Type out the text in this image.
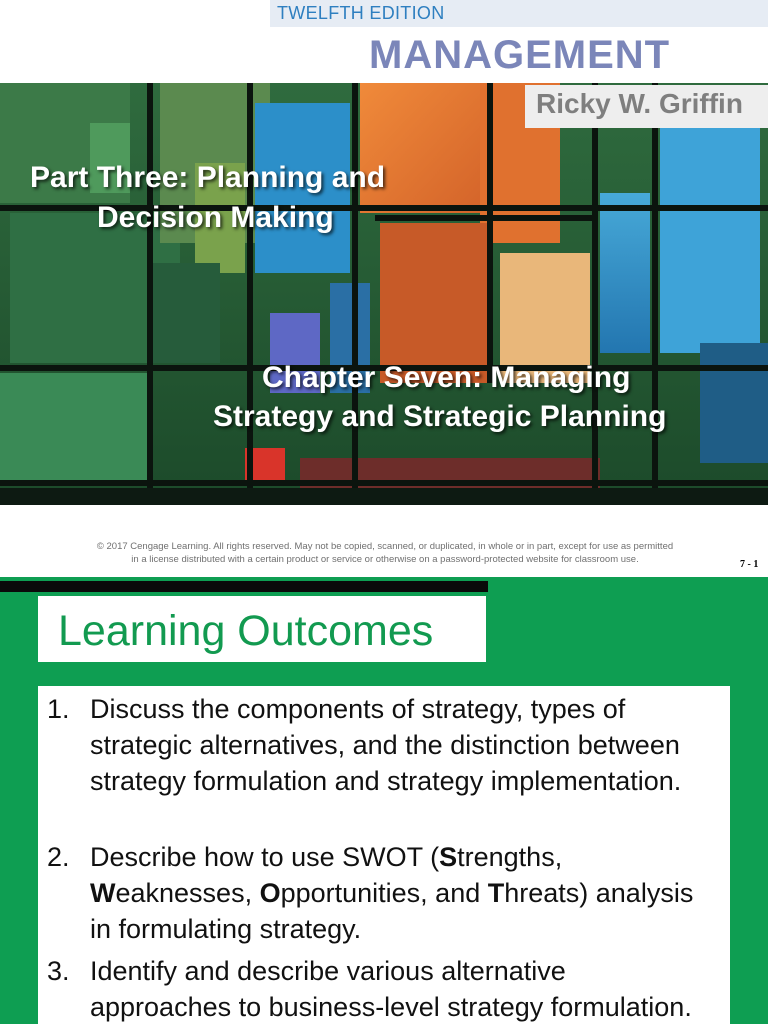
TWELFTH EDITION
MANAGEMENT
Ricky W. Griffin
Part Three: Planning and
Decision Making
Chapter Seven: Managing
Strategy and Strategic Planning
© 2017 Cengage Learning. All rights reserved. May not be copied, scanned, or duplicated, in whole or in part, except for use as permitted
in a license distributed with a certain product or service or otherwise on a password-protected website for classroom use.	7 - 1
Learning Outcomes
1. Discuss the components of strategy, types of strategic alternatives, and the distinction between strategy formulation and strategy implementation.
2. Describe how to use SWOT (Strengths, Weaknesses, Opportunities, and Threats) analysis in formulating strategy.
3. Identify and describe various alternative approaches to business-level strategy formulation.
